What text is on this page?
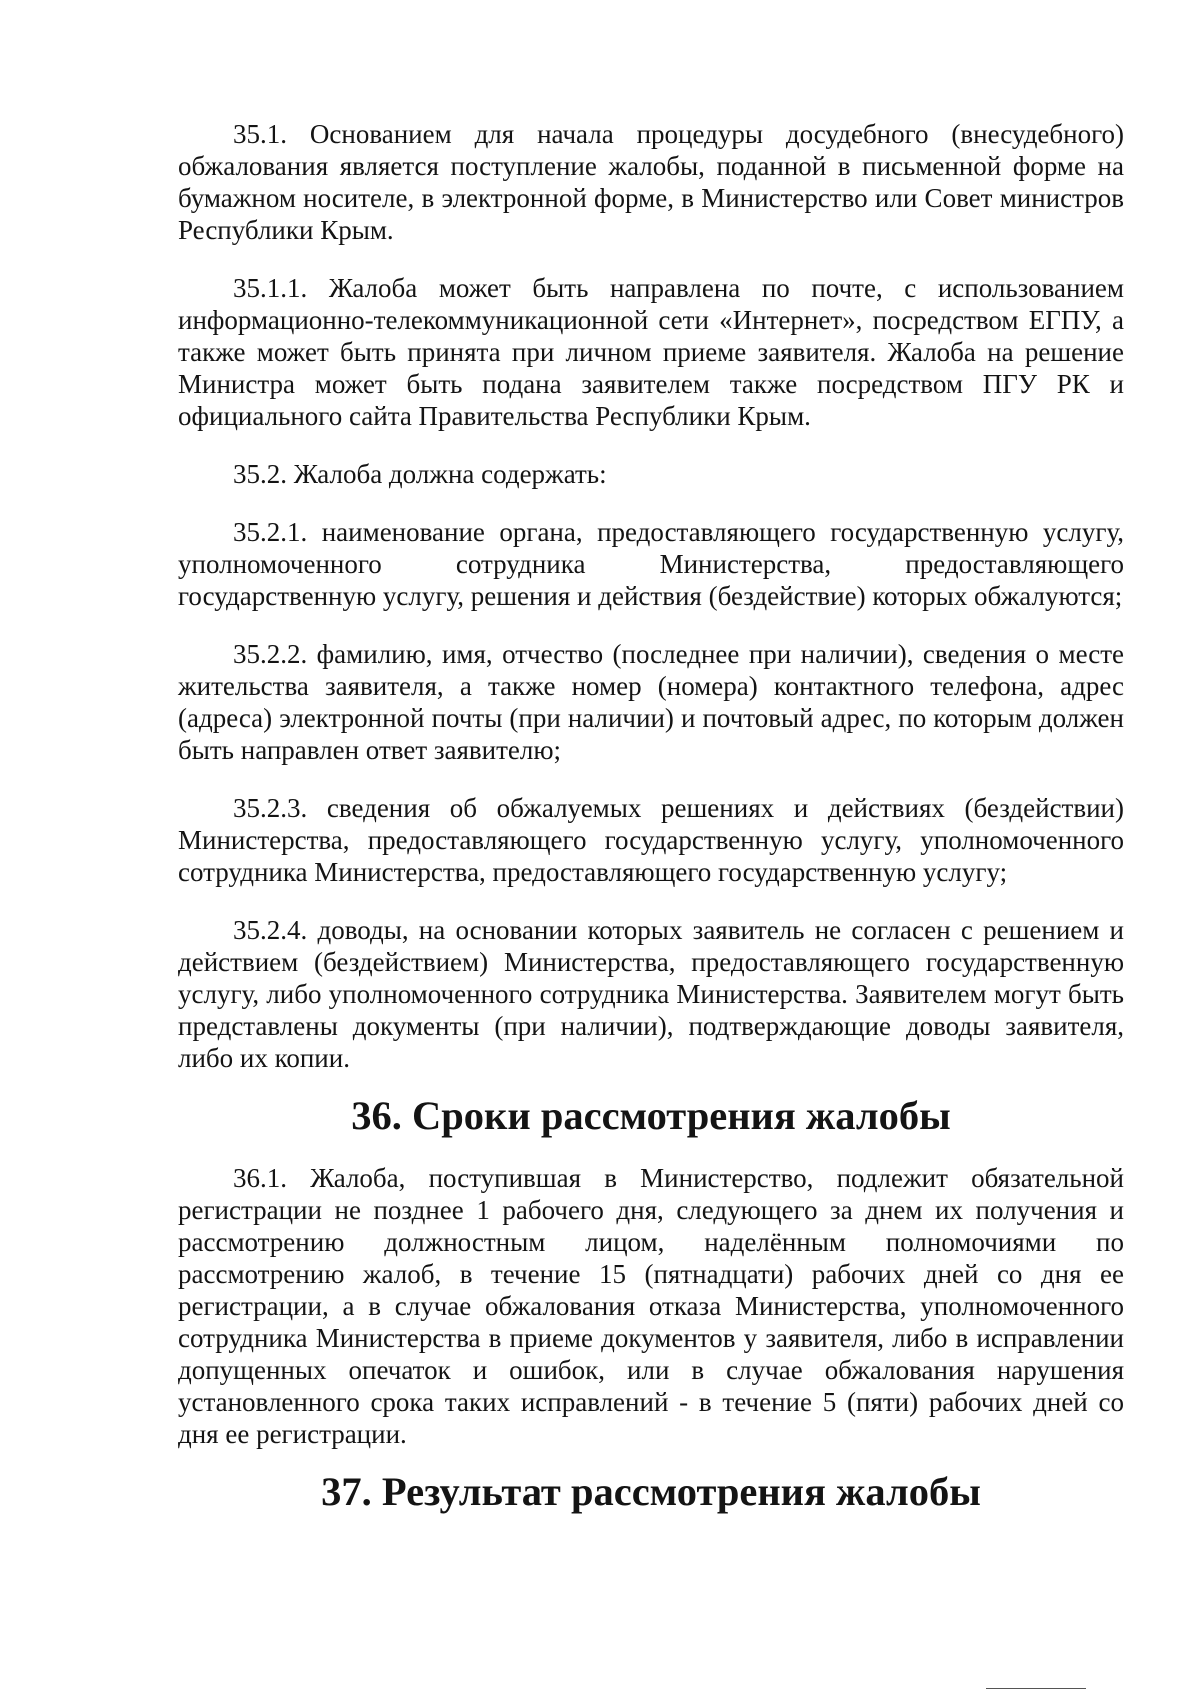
35.1. Основанием для начала процедуры досудебного (внесудебного) обжалования является поступление жалобы, поданной в письменной форме на бумажном носителе, в электронной форме, в Министерство или Совет министров Республики Крым.

35.1.1. Жалоба может быть направлена по почте, с использованием информационно-телекоммуникационной сети «Интернет», посредством ЕГПУ, а также может быть принята при личном приеме заявителя. Жалоба на решение Министра может быть подана заявителем также посредством ПГУ РК и официального сайта Правительства Республики Крым.

35.2. Жалоба должна содержать:

35.2.1. наименование органа, предоставляющего государственную услугу, уполномоченного сотрудника Министерства, предоставляющего государственную услугу, решения и действия (бездействие) которых обжалуются;

35.2.2. фамилию, имя, отчество (последнее при наличии), сведения о месте жительства заявителя, а также номер (номера) контактного телефона, адрес (адреса) электронной почты (при наличии) и почтовый адрес, по которым должен быть направлен ответ заявителю;

35.2.3. сведения об обжалуемых решениях и действиях (бездействии) Министерства, предоставляющего государственную услугу, уполномоченного сотрудника Министерства, предоставляющего государственную услугу;

35.2.4. доводы, на основании которых заявитель не согласен с решением и действием (бездействием) Министерства, предоставляющего государственную услугу, либо уполномоченного сотрудника Министерства. Заявителем могут быть представлены документы (при наличии), подтверждающие доводы заявителя, либо их копии.

36. Сроки рассмотрения жалобы

36.1. Жалоба, поступившая в Министерство, подлежит обязательной регистрации не позднее 1 рабочего дня, следующего за днем их получения и рассмотрению должностным лицом, наделённым полномочиями по рассмотрению жалоб, в течение 15 (пятнадцати) рабочих дней со дня ее регистрации, а в случае обжалования отказа Министерства, уполномоченного сотрудника Министерства в приеме документов у заявителя, либо в исправлении допущенных опечаток и ошибок, или в случае обжалования нарушения установленного срока таких исправлений - в течение 5 (пяти) рабочих дней со дня ее регистрации.

37. Результат рассмотрения жалобы
